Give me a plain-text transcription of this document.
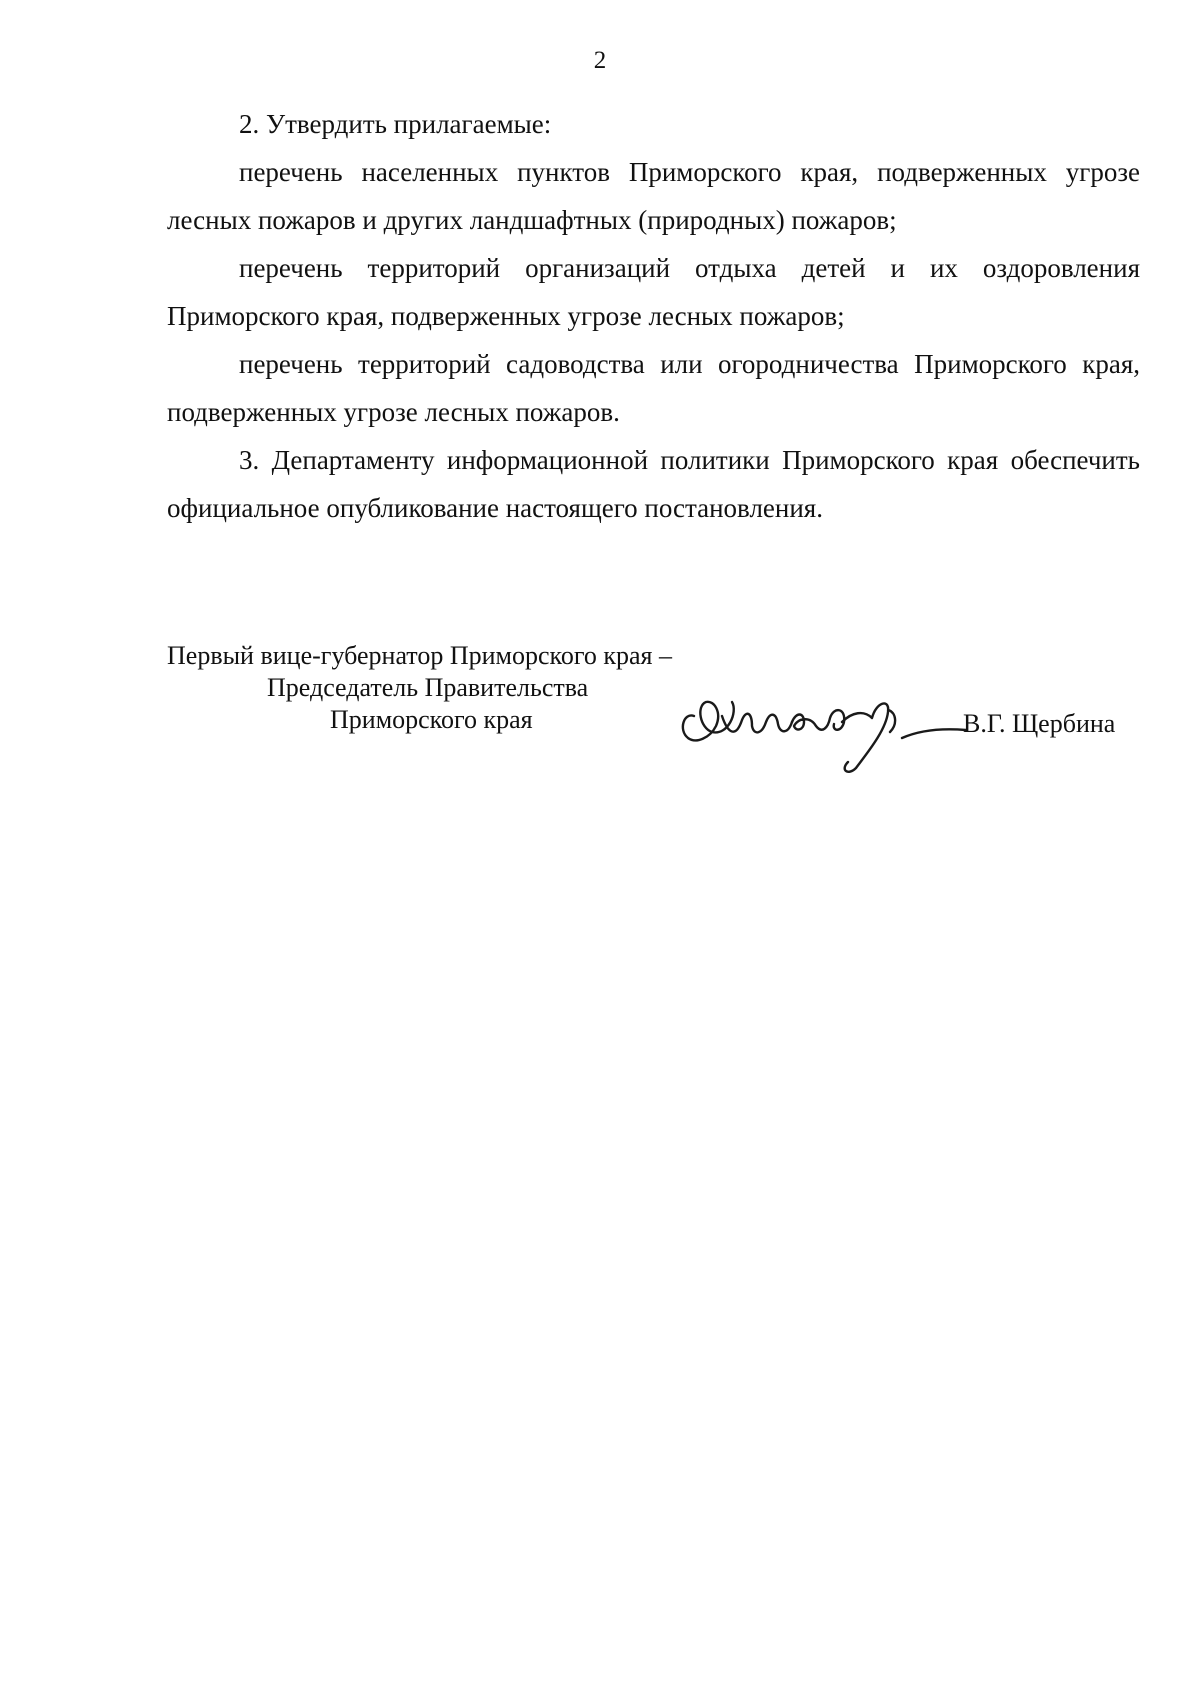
2

2. Утвердить прилагаемые:

перечень населенных пунктов Приморского края, подверженных угрозе лесных пожаров и других ландшафтных (природных) пожаров;

перечень территорий организаций отдыха детей и их оздоровления Приморского края, подверженных угрозе лесных пожаров;

перечень территорий садоводства или огородничества Приморского края, подверженных угрозе лесных пожаров.

3. Департаменту информационной политики Приморского края обеспечить официальное опубликование настоящего постановления.

Первый вице-губернатор Приморского края –
Председатель Правительства
Приморского края	В.Г. Щербина
